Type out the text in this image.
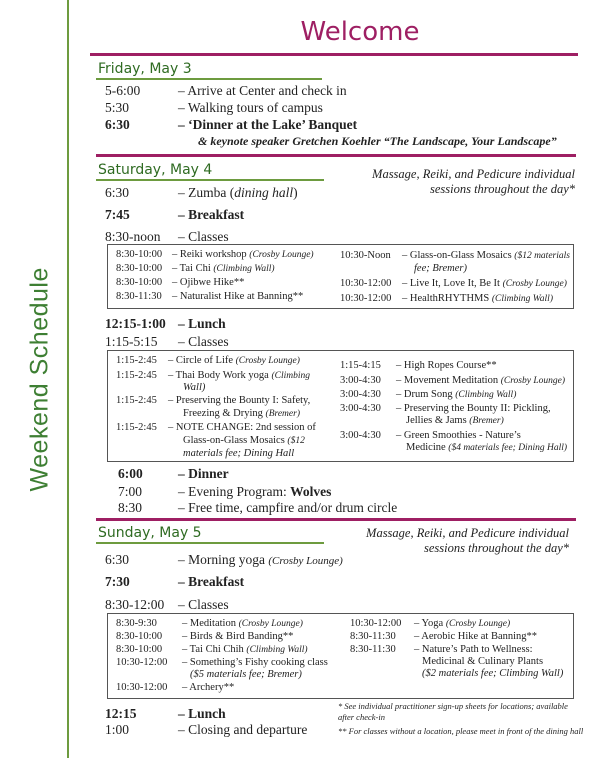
Weekend Schedule
Welcome
Friday, May 3
5-6:00	– Arrive at Center and check in
5:30	– Walking tours of campus
6:30	– ‘Dinner at the Lake’ Banquet
& keynote speaker Gretchen Koehler “The Landscape, Your Landscape”
Saturday, May 4	Massage, Reiki, and Pedicure individual sessions throughout the day*
6:30	– Zumba (dining hall)
7:45	– Breakfast
8:30-noon – Classes
8:30-10:00 – Reiki workshop (Crosby Lounge)
8:30-10:00 – Tai Chi (Climbing Wall)
8:30-10:00 – Ojibwe Hike**
8:30-11:30 – Naturalist Hike at Banning**
10:30-Noon – Glass-on-Glass Mosaics ($12 materials
fee; Bremer)
10:30-12:00 – Live It, Love It, Be It (Crosby Lounge)
10:30-12:00 – HealthRHYTHMS (Climbing Wall)
12:15-1:00 – Lunch
1:15-5:15 – Classes
1:15-2:45 – Circle of Life (Crosby Lounge)
1:15-2:45 – Thai Body Work yoga (Climbing
Wall)
1:15-2:45 – Preserving the Bounty I: Safety,
Freezing & Drying (Bremer)
1:15-2:45 – NOTE CHANGE: 2nd session of
Glass-on-Glass Mosaics ($12
materials fee; Dining Hall
1:15-4:15 – High Ropes Course**
3:00-4:30 – Movement Meditation (Crosby Lounge)
3:00-4:30 – Drum Song (Climbing Wall)
3:00-4:30 – Preserving the Bounty II: Pickling,
Jellies & Jams (Bremer)
3:00-4:30 – Green Smoothies - Nature’s
Medicine ($4 materials fee; Dining Hall)
6:00	– Dinner
7:00	– Evening Program: Wolves
8:30	– Free time, campfire and/or drum circle
Sunday, May 5	Massage, Reiki, and Pedicure individual sessions throughout the day*
6:30	– Morning yoga (Crosby Lounge)
7:30	– Breakfast
8:30-12:00 – Classes
8:30-9:30 – Meditation (Crosby Lounge)
8:30-10:00 – Birds & Bird Banding**
8:30-10:00 – Tai Chi Chih (Climbing Wall)
10:30-12:00 – Something’s Fishy cooking class
($5 materials fee; Bremer)
10:30-12:00 – Archery**
10:30-12:00 – Yoga (Crosby Lounge)
8:30-11:30 – Aerobic Hike at Banning**
8:30-11:30 – Nature’s Path to Wellness:
Medicinal & Culinary Plants
($2 materials fee; Climbing Wall)
12:15	– Lunch
1:00	– Closing and departure
* See individual practitioner sign-up sheets for locations; available after check-in
** For classes without a location, please meet in front of the dining hall
